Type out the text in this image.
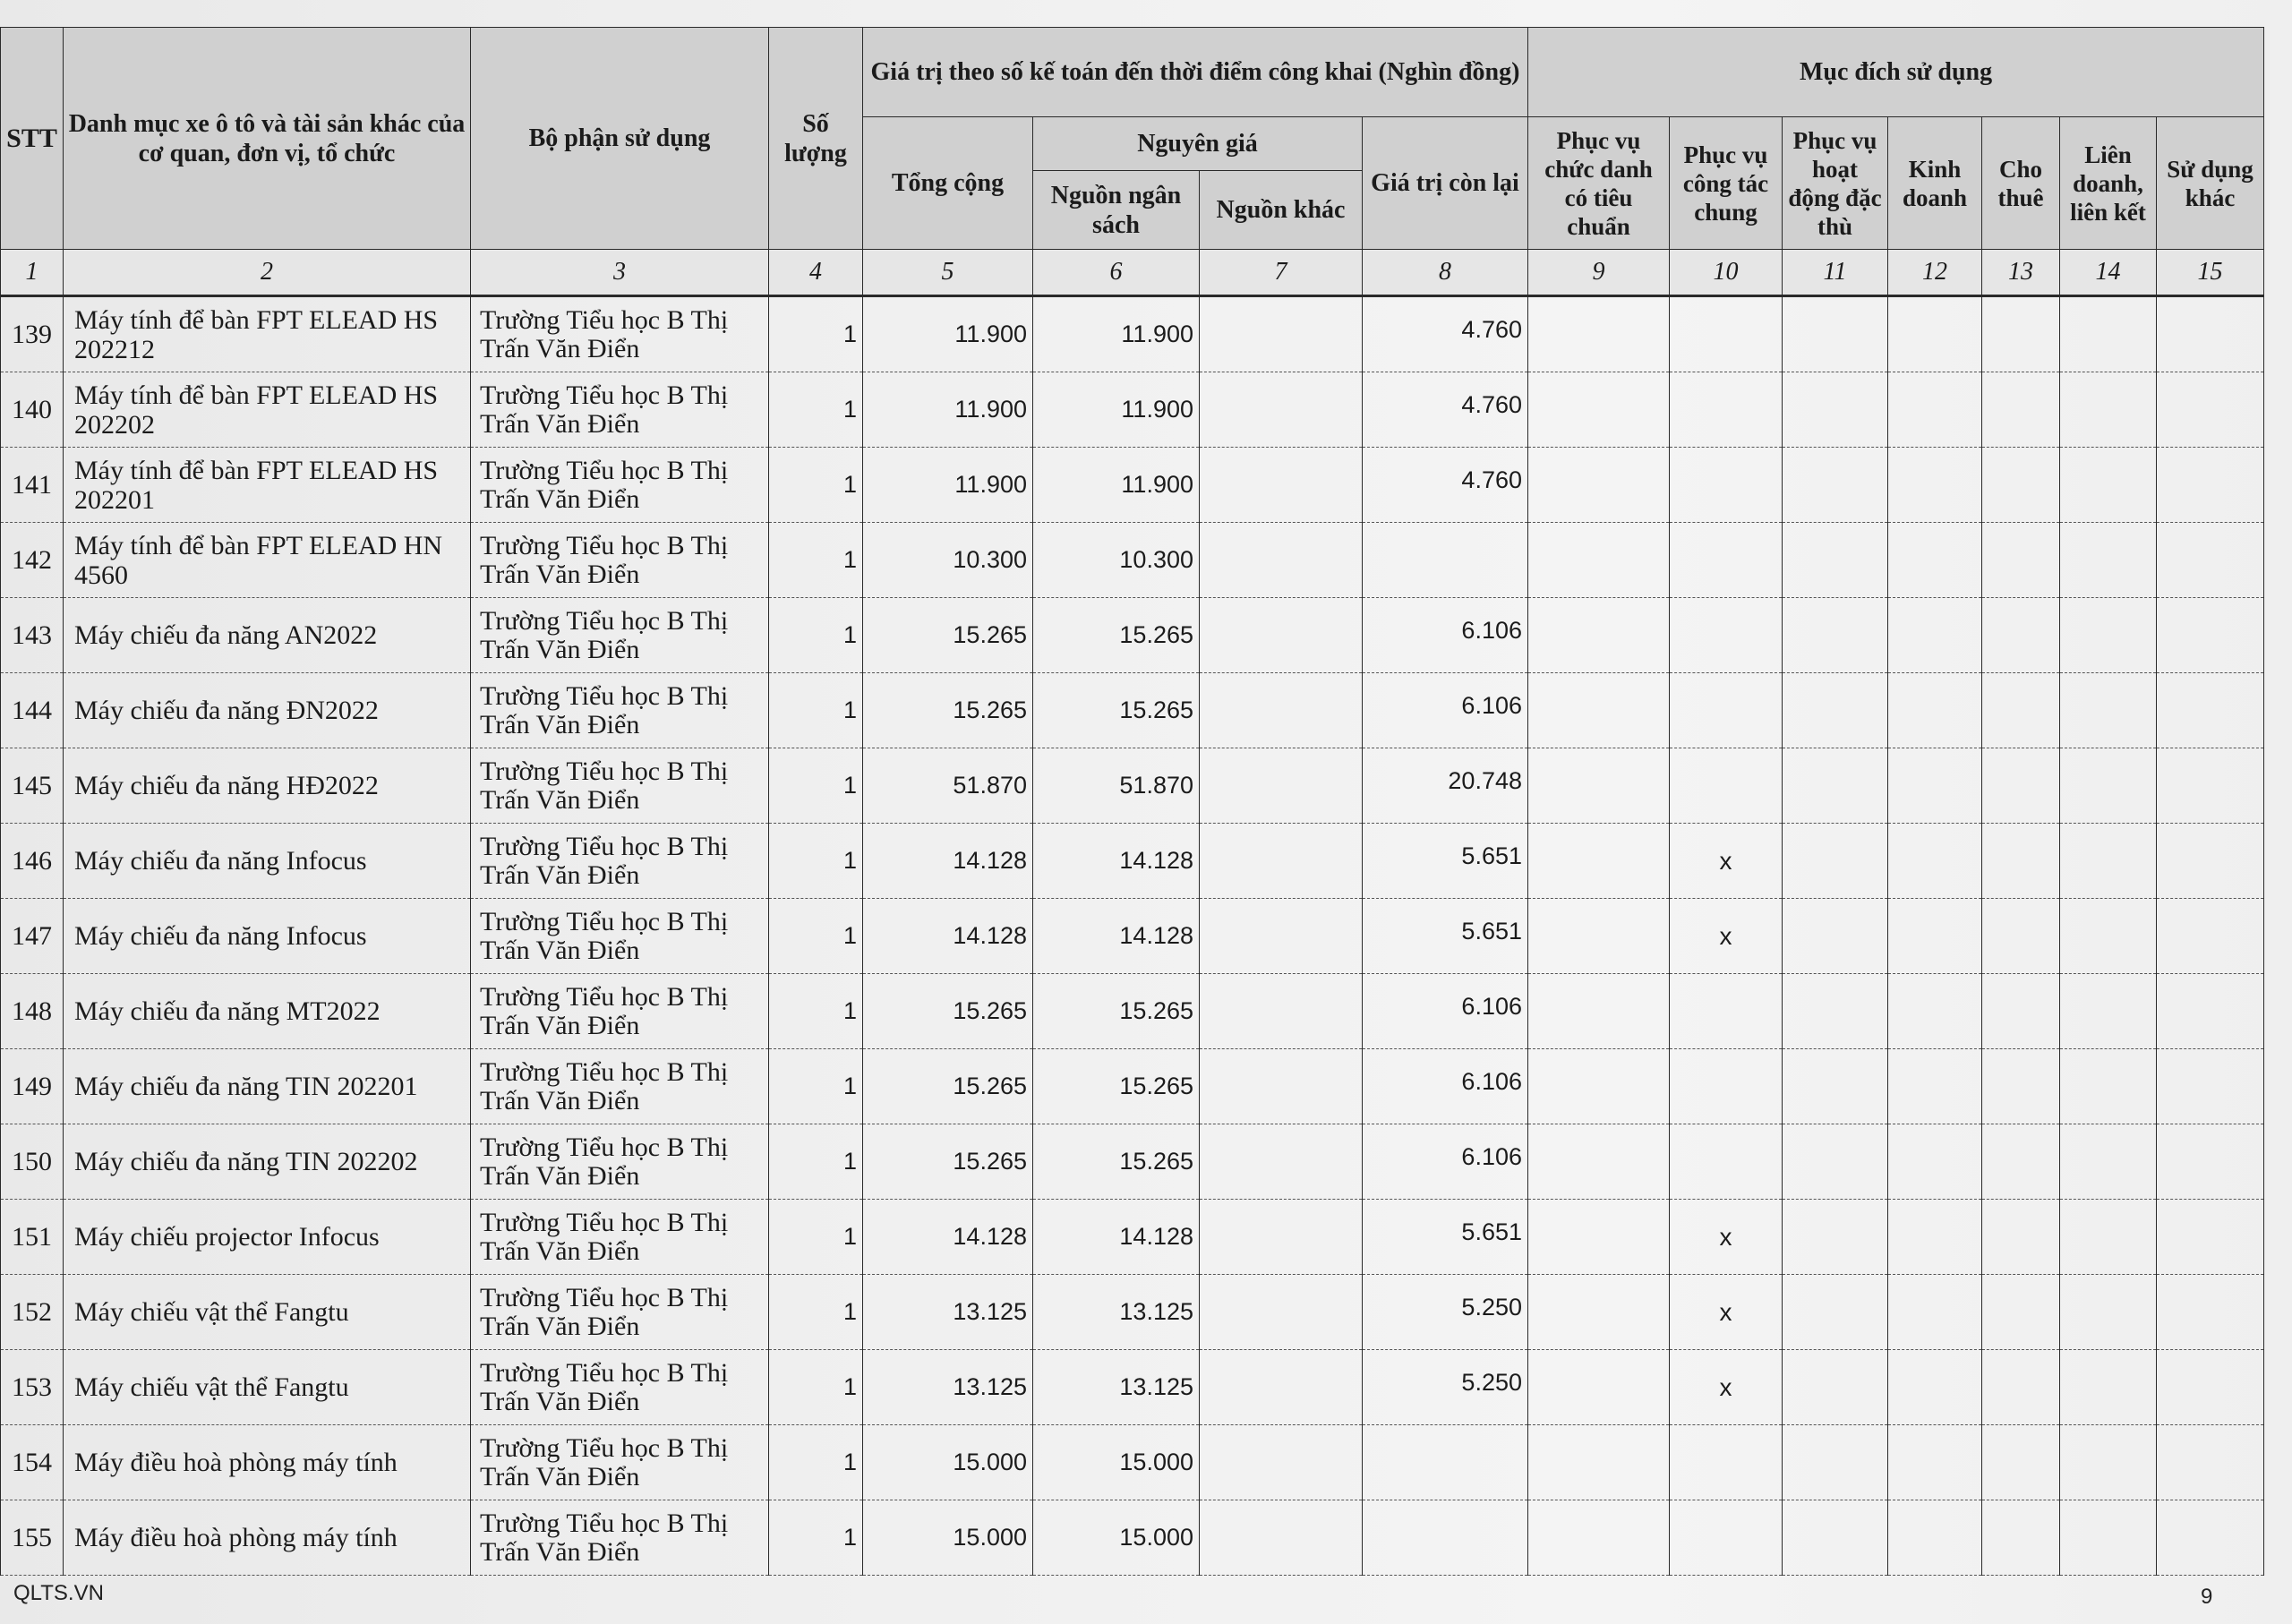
STT	Danh mục xe ô tô và tài sản khác của cơ quan, đơn vị, tổ chức	Bộ phận sử dụng	Số lượng	Giá trị theo số kế toán đến thời điểm công khai (Nghìn đồng)				Mục đích sử dụng						
				Tổng cộng	Nguyên giá		Giá trị còn lại	Phục vụ chức danh có tiêu chuẩn	Phục vụ công tác chung	Phục vụ hoạt động đặc thù	Kinh doanh	Cho thuê	Liên doanh, liên kết	Sử dụng khác
					Nguồn ngân sách	Nguồn khác								
1	2	3	4	5	6	7	8	9	10	11	12	13	14	15
139	Máy tính để bàn FPT ELEAD HS 202212	Trường Tiểu học B Thị Trấn Văn Điển	1	11.900	11.900		4.760							
140	Máy tính để bàn FPT ELEAD HS 202202	Trường Tiểu học B Thị Trấn Văn Điển	1	11.900	11.900		4.760							
141	Máy tính để bàn FPT ELEAD HS 202201	Trường Tiểu học B Thị Trấn Văn Điển	1	11.900	11.900		4.760							
142	Máy tính để bàn FPT ELEAD HN 4560	Trường Tiểu học B Thị Trấn Văn Điển	1	10.300	10.300									
143	Máy chiếu đa năng AN2022	Trường Tiểu học B Thị Trấn Văn Điển	1	15.265	15.265		6.106							
144	Máy chiếu đa năng ĐN2022	Trường Tiểu học B Thị Trấn Văn Điển	1	15.265	15.265		6.106							
145	Máy chiếu đa năng HĐ2022	Trường Tiểu học B Thị Trấn Văn Điển	1	51.870	51.870		20.748							
146	Máy chiếu đa năng Infocus	Trường Tiểu học B Thị Trấn Văn Điển	1	14.128	14.128		5.651		x					
147	Máy chiếu đa năng Infocus	Trường Tiểu học B Thị Trấn Văn Điển	1	14.128	14.128		5.651		x					
148	Máy chiếu đa năng MT2022	Trường Tiểu học B Thị Trấn Văn Điển	1	15.265	15.265		6.106							
149	Máy chiếu đa năng TIN 202201	Trường Tiểu học B Thị Trấn Văn Điển	1	15.265	15.265		6.106							
150	Máy chiếu đa năng TIN 202202	Trường Tiểu học B Thị Trấn Văn Điển	1	15.265	15.265		6.106							
151	Máy chiếu projector Infocus	Trường Tiểu học B Thị Trấn Văn Điển	1	14.128	14.128		5.651		x					
152	Máy chiếu vật thể Fangtu	Trường Tiểu học B Thị Trấn Văn Điển	1	13.125	13.125		5.250		x					
153	Máy chiếu vật thể Fangtu	Trường Tiểu học B Thị Trấn Văn Điển	1	13.125	13.125		5.250		x					
154	Máy điều hoà phòng máy tính	Trường Tiểu học B Thị Trấn Văn Điển	1	15.000	15.000									
155	Máy điều hoà phòng máy tính	Trường Tiểu học B Thị Trấn Văn Điển	1	15.000	15.000									
QLTS.VN	9
